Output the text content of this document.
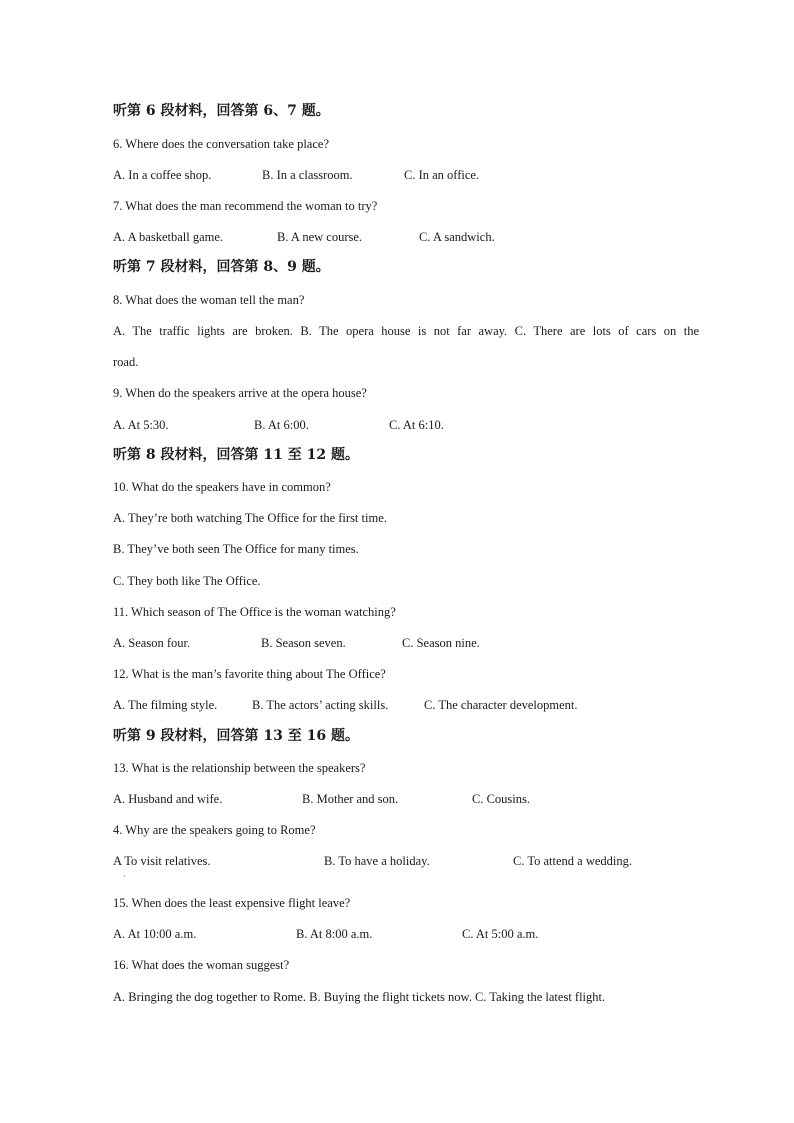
听第 6 段材料，回答第 6、7 题。
6. Where does the conversation take place?
A. In a coffee shop.	B. In a classroom.	C. In an office.
7. What does the man recommend the woman to try?
A. A basketball game.	B. A new course.	C. A sandwich.
听第 7 段材料，回答第 8、9 题。
8. What does the woman tell the man?
A. The traffic lights are broken. B. The opera house is not far away. C. There are lots of cars on the
road.
9. When do the speakers arrive at the opera house?
A. At 5:30.	B. At 6:00.	C. At 6:10.
听第 8 段材料，回答第 11 至 12 题。
10. What do the speakers have in common?
A. They’re both watching The Office for the first time.
B. They’ve both seen The Office for many times.
C. They both like The Office.
11. Which season of The Office is the woman watching?
A. Season four.	B. Season seven.	C. Season nine.
12. What is the man’s favorite thing about The Office?
A. The filming style.	B. The actors’ acting skills.	C. The character development.
听第 9 段材料，回答第 13 至 16 题。
13. What is the relationship between the speakers?
A. Husband and wife.	B. Mother and son.	C. Cousins.
4. Why are the speakers going to Rome?
A To visit relatives.	B. To have a holiday.	C. To attend a wedding.
·
15. When does the least expensive flight leave?
A. At 10:00 a.m.	B. At 8:00 a.m.	C. At 5:00 a.m.
16. What does the woman suggest?
A. Bringing the dog together to Rome. B. Buying the flight tickets now. C. Taking the latest flight.
